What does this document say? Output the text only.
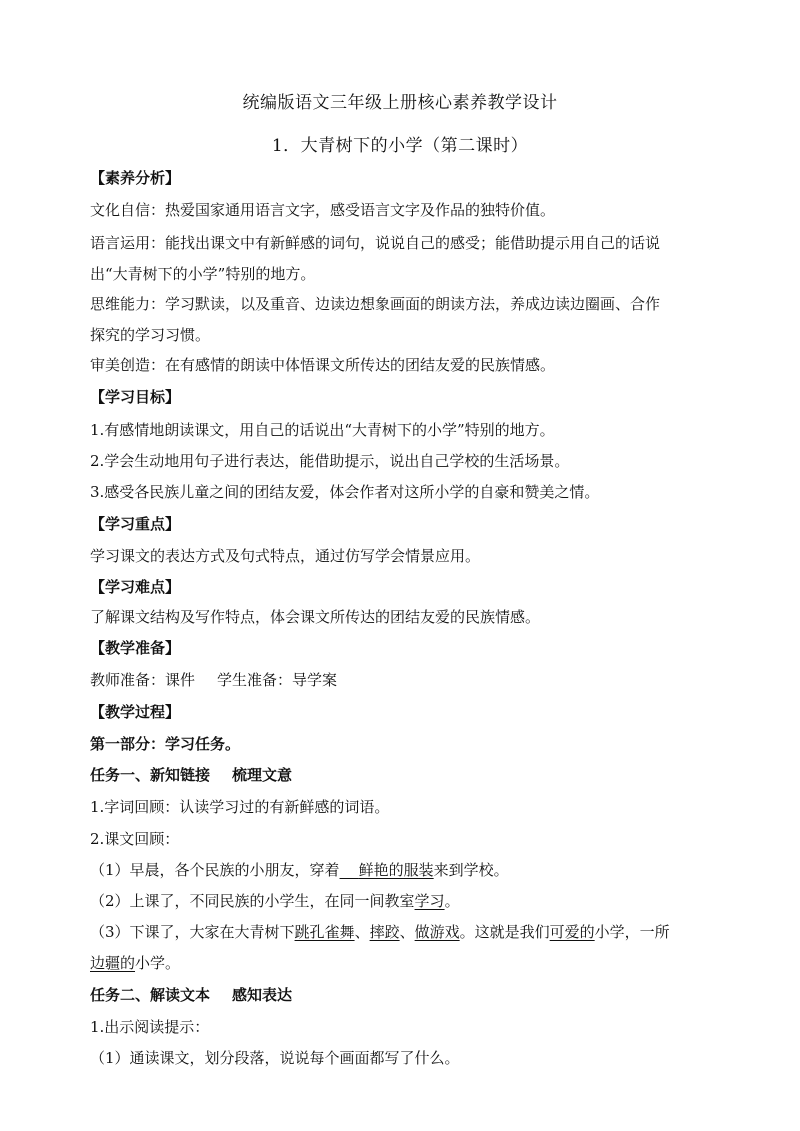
统编版语文三年级上册核心素养教学设计
1．大青树下的小学（第二课时）
【素养分析】
文化自信：热爱国家通用语言文字，感受语言文字及作品的独特价值。
语言运用：能找出课文中有新鲜感的词句，说说自己的感受；能借助提示用自己的话说
出“大青树下的小学”特别的地方。
思维能力：学习默读，以及重音、边读边想象画面的朗读方法，养成边读边圈画、合作
探究的学习习惯。
审美创造：在有感情的朗读中体悟课文所传达的团结友爱的民族情感。
【学习目标】
1.有感情地朗读课文，用自己的话说出“大青树下的小学”特别的地方。
2.学会生动地用句子进行表达，能借助提示，说出自己学校的生活场景。
3.感受各民族儿童之间的团结友爱，体会作者对这所小学的自豪和赞美之情。
【学习重点】
学习课文的表达方式及句式特点，通过仿写学会情景应用。
【学习难点】
了解课文结构及写作特点，体会课文所传达的团结友爱的民族情感。
【教学准备】
教师准备：课件 学生准备：导学案
【教学过程】
第一部分：学习任务。
任务一、新知链接 梳理文意
1.字词回顾：认读学习过的有新鲜感的词语。
2.课文回顾：
（1）早晨，各个民族的小朋友，穿着 鲜艳的服装来到学校。
（2）上课了，不同民族的小学生，在同一间教室学习。
（3）下课了，大家在大青树下跳孔雀舞、摔跤、做游戏。这就是我们可爱的小学，一所
边疆的小学。
任务二、解读文本 感知表达
1.出示阅读提示：
（1）通读课文，划分段落，说说每个画面都写了什么。
